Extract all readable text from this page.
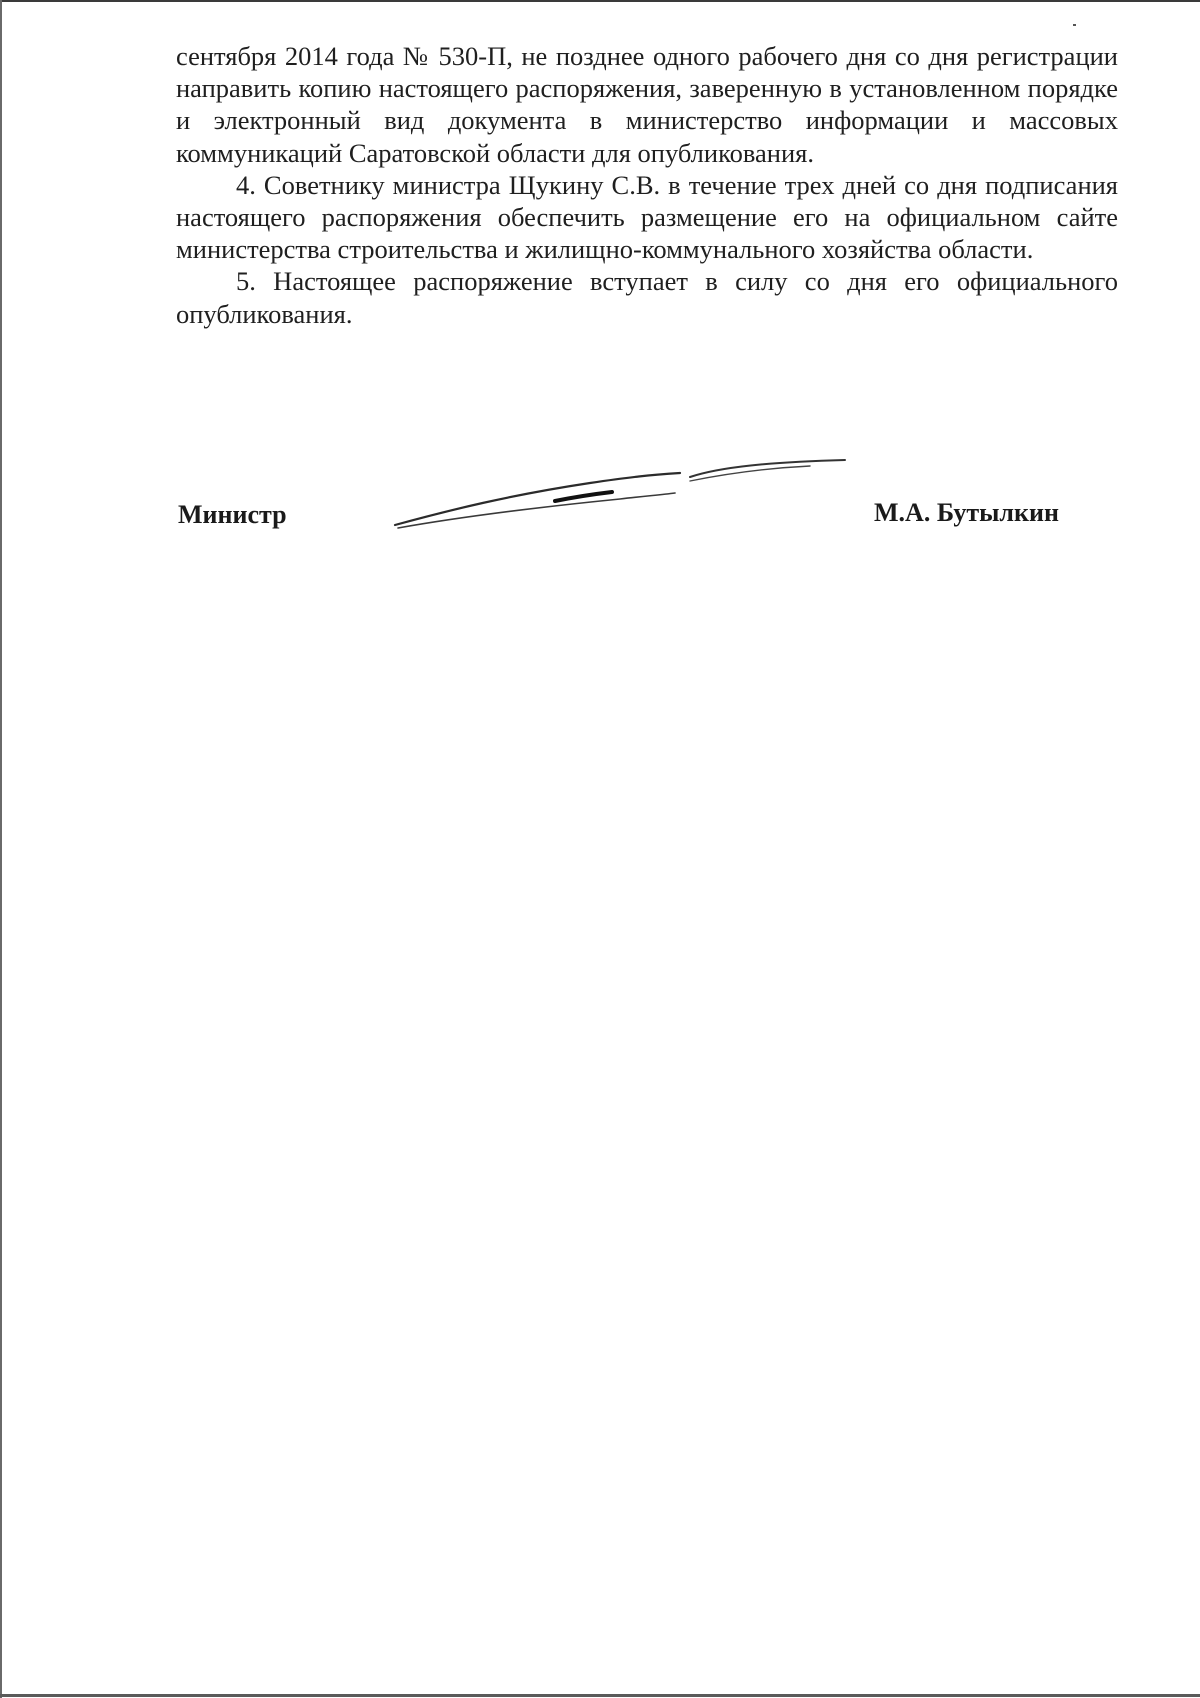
сентября 2014 года № 530-П, не позднее одного рабочего дня со дня регистрации направить копию настоящего распоряжения, заверенную в установленном порядке и электронный вид документа в министерство информации и массовых коммуникаций Саратовской области для опубликования.

4. Советнику министра Щукину С.В. в течение трех дней со дня подписания настоящего распоряжения обеспечить размещение его на официальном сайте министерства строительства и жилищно-коммунального хозяйства области.

5. Настоящее распоряжение вступает в силу со дня его официального опубликования.

Министр	М.А. Бутылкин
